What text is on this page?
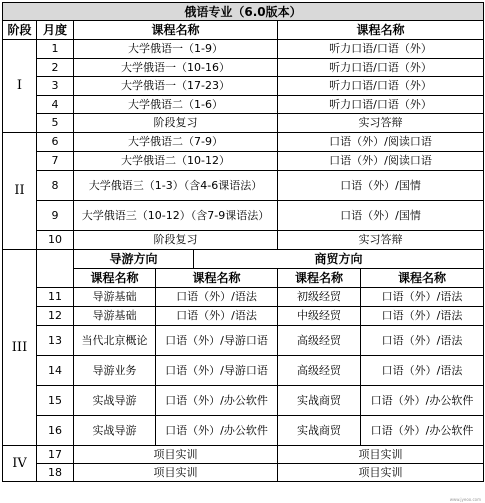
俄语专业（6.0版本）						
阶段	月度	课程名称			课程名称	
I	1	大学俄语一（1-9）			听力口语/口语（外）	
	2	大学俄语一（10-16）			听力口语/口语（外）	
	3	大学俄语一（17-23）			听力口语/口语（外）	
	4	大学俄语二（1-6）			听力口语/口语（外）	
	5	阶段复习			实习答辩	
II	6	大学俄语二（7-9）			口语（外）/阅读口语	
	7	大学俄语二（10-12）			口语（外）/阅读口语	
	8	大学俄语三（1-3）（含4-6课语法）			口语（外）/国情	
	9	大学俄语三（10-12）（含7-9课语法）			口语（外）/国情	
	10	阶段复习			实习答辩	
III		导游方向		商贸方向		
		课程名称	课程名称		课程名称	课程名称
	11	导游基础	口语（外）/语法		初级经贸	口语（外）/语法
	12	导游基础	口语（外）/语法		中级经贸	口语（外）/语法
	13	当代北京概论	口语（外）/导游口语		高级经贸	口语（外）/语法
	14	导游业务	口语（外）/导游口语		高级经贸	口语（外）/语法
	15	实战导游	口语（外）/办公软件		实战商贸	口语（外）/办公软件
	16	实战导游	口语（外）/办公软件		实战商贸	口语（外）/办公软件
IV	17	项目实训			项目实训	
	18	项目实训			项目实训	
www.jyeoo.com
